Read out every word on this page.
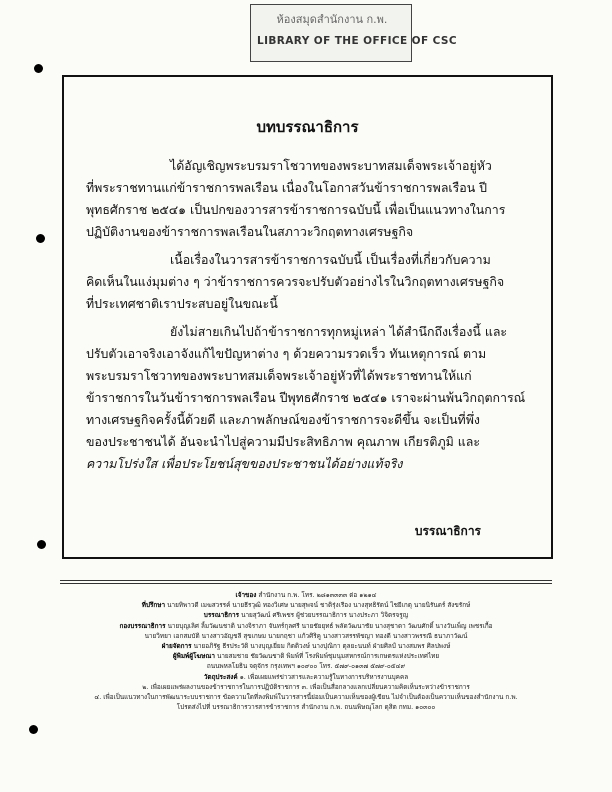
ห้องสมุดสำนักงาน ก.พ.
LIBRARY OF THE OFFICE OF CSC
บทบรรณาธิการ
ได้อัญเชิญพระบรมราโชวาทของพระบาทสมเด็จพระเจ้าอยู่หัว
ที่พระราชทานแก่ข้าราชการพลเรือน เนื่องในโอกาสวันข้าราชการพลเรือน ปี
พุทธศักราช ๒๕๔๑ เป็นปกของวารสารข้าราชการฉบับนี้ เพื่อเป็นแนวทางในการ
ปฏิบัติงานของข้าราชการพลเรือนในสภาวะวิกฤตทางเศรษฐกิจ
เนื้อเรื่องในวารสารข้าราชการฉบับนี้ เป็นเรื่องที่เกี่ยวกับความ
คิดเห็นในแง่มุมต่าง ๆ ว่าข้าราชการควรจะปรับตัวอย่างไรในวิกฤตทางเศรษฐกิจ
ที่ประเทศชาติเราประสบอยู่ในขณะนี้
ยังไม่สายเกินไปถ้าข้าราชการทุกหมู่เหล่า ได้สำนึกถึงเรื่องนี้ และ
ปรับตัวเอาจริงเอาจังแก้ไขปัญหาต่าง ๆ ด้วยความรวดเร็ว ทันเหตุการณ์ ตาม
พระบรมราโชวาทของพระบาทสมเด็จพระเจ้าอยู่หัวที่ได้พระราชทานให้แก่
ข้าราชการในวันข้าราชการพลเรือน ปีพุทธศักราช ๒๕๔๑ เราจะผ่านพ้นวิกฤตการณ์
ทางเศรษฐกิจครั้งนี้ด้วยดี และภาพลักษณ์ของข้าราชการจะดีขึ้น จะเป็นที่พึ่ง
ของประชาชนได้ อันจะนำไปสู่ความมีประสิทธิภาพ คุณภาพ เกียรติภูมิ และ
ความโปร่งใส เพื่อประโยชน์สุขของประชาชนได้อย่างแท้จริง
บรรณาธิการ
เจ้าของ สำนักงาน ก.พ. โทร. ๒๘๑๓๓๓๓ ต่อ ๑๒๑๔
ที่ปรึกษา นายทิพาวดี เมฆสวรรค์ นายธีรวุฒิ ทองวิเศษ นายสุพจน์ ชาติรุ่งเรือง นางสุทธิรัตน์ ไชยีเกตุ นายนิรันดร์ สังขรักษ์
บรรณาธิการ นายสุวัฒน์ ศรีเพชร ผู้ช่วยบรรณาธิการ นางประภา วิจิตรจรูญ
กองบรรณาธิการ นายบุญเลิศ ลิ้มวัฒนชาติ นางจิราภา จันทร์กุลศรี นายชัยยุทธ์ พลัดวัฒนาชัย นางสุชาดา วัฒนศักดิ์ นางวันเพ็ญ เพชรเกื้อ
นายวิทยา เอกสมบัติ นางสาวอัญชลี สุขเกษม นายกฤชา แก้วศิริคู นางสาวสรรพัชญา ทองดี นางสาวพรรณี ธนาภาวัฒน์
ฝ่ายจัดการ นายอภิรัฐ ธีรประวัติ นางบุญเยี่ยม กิตติวงษ์ นางปุณิกา ตุลยะนนท์ ฝ่ายศิลป์ นางสมพร ศิลปพงษ์
ผู้พิมพ์ผู้โฆษณา นายสมชาย ชัยวัฒนชาติ พิมพ์ที่ โรงพิมพ์ชุมนุมสหกรณ์การเกษตรแห่งประเทศไทย
ถนนพหลโยธิน จตุจักร กรุงเทพฯ ๑๐๙๐๐ โทร. ๕๗๙-๐๑๓๗ ๕๗๙-๐๕๔๙
วัตถุประสงค์ ๑. เพื่อเผยแพร่ข่าวสารและความรู้ในทางการบริหารงานบุคคล
๒. เพื่อเผยแพร่ผลงานของข้าราชการในการปฏิบัติราชการ ๓. เพื่อเป็นสื่อกลางแลกเปลี่ยนความคิดเห็นระหว่างข้าราชการ
๔. เพื่อเป็นแนวทางในการพัฒนาระบบราชการ ข้อความใดที่ลงพิมพ์ในวารสารนี้ย่อมเป็นความเห็นของผู้เขียน ไม่จำเป็นต้องเป็นความเห็นของสำนักงาน ก.พ.
โปรดส่งไปที่ บรรณาธิการวารสารข้าราชการ สำนักงาน ก.พ. ถนนพิษณุโลก ดุสิต กทม. ๑๐๓๐๐
